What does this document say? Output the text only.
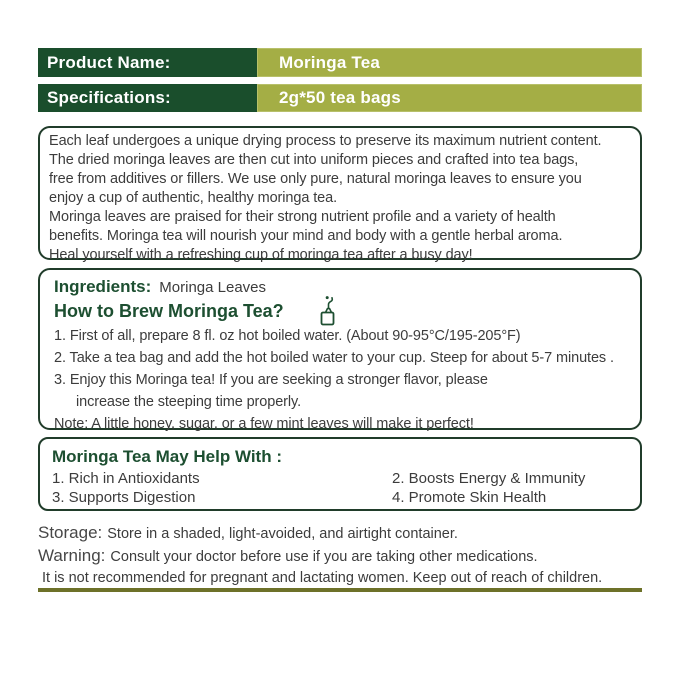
Product Name:	Moringa Tea
Specifications:	2g*50 tea bags
Each leaf undergoes a unique drying process to preserve its maximum nutrient content.
The dried moringa leaves are then cut into uniform pieces and crafted into tea bags,
free from additives or fillers. We use only pure, natural moringa leaves to ensure you
enjoy a cup of authentic, healthy moringa tea.
Moringa leaves are praised for their strong nutrient profile and a variety of health
benefits. Moringa tea will nourish your mind and body with a gentle herbal aroma.
Heal yourself with a refreshing cup of moringa tea after a busy day!
Ingredients: Moringa Leaves
How to Brew Moringa Tea?
1. First of all, prepare 8 fl. oz hot boiled water. (About 90-95°C/195-205°F)
2. Take a tea bag and add the hot boiled water to your cup. Steep for about 5-7 minutes .
3. Enjoy this Moringa tea! If you are seeking a stronger flavor, please
increase the steeping time properly.
Note: A little honey, sugar, or a few mint leaves will make it perfect!
Moringa Tea May Help With :
1. Rich in Antioxidants	2. Boosts Energy & Immunity
3. Supports Digestion	4. Promote Skin Health
Storage: Store in a shaded, light-avoided, and airtight container.
Warning: Consult your doctor before use if you are taking other medications.
It is not recommended for pregnant and lactating women. Keep out of reach of children.
